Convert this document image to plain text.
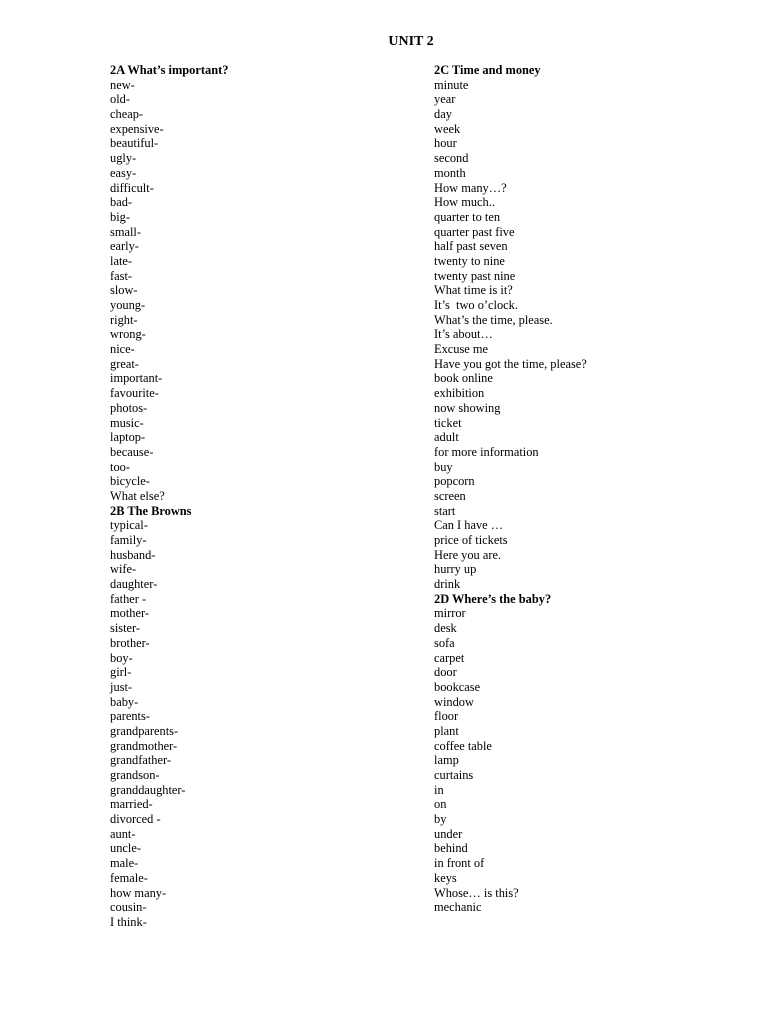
UNIT 2
2A What’s important?
new-
old-
cheap-
expensive-
beautiful-
ugly-
easy-
difficult-
bad-
big-
small-
early-
late-
fast-
slow-
young-
right-
wrong-
nice-
great-
important-
favourite-
photos-
music-
laptop-
because-
too-
bicycle-
What else?
2B The Browns
typical-
family-
husband-
wife-
daughter-
father -
mother-
sister-
brother-
boy-
girl-
just-
baby-
parents-
grandparents-
grandmother-
grandfather-
grandson-
granddaughter-
married-
divorced -
aunt-
uncle-
male-
female-
how many-
cousin-
I think-
2C Time and money
minute
year
day
week
hour
second
month
How many…?
How much..
quarter to ten
quarter past five
half past seven
twenty to nine
twenty past nine
What time is it?
It’s  two o’clock.
What’s the time, please.
It’s about…
Excuse me
Have you got the time, please?
book online
exhibition
now showing
ticket
adult
for more information
buy
popcorn
screen
start
Can I have …
price of tickets
Here you are.
hurry up
drink
2D Where’s the baby?
mirror
desk
sofa
carpet
door
bookcase
window
floor
plant
coffee table
lamp
curtains
in
on
by
under
behind
in front of
keys
Whose… is this?
mechanic
